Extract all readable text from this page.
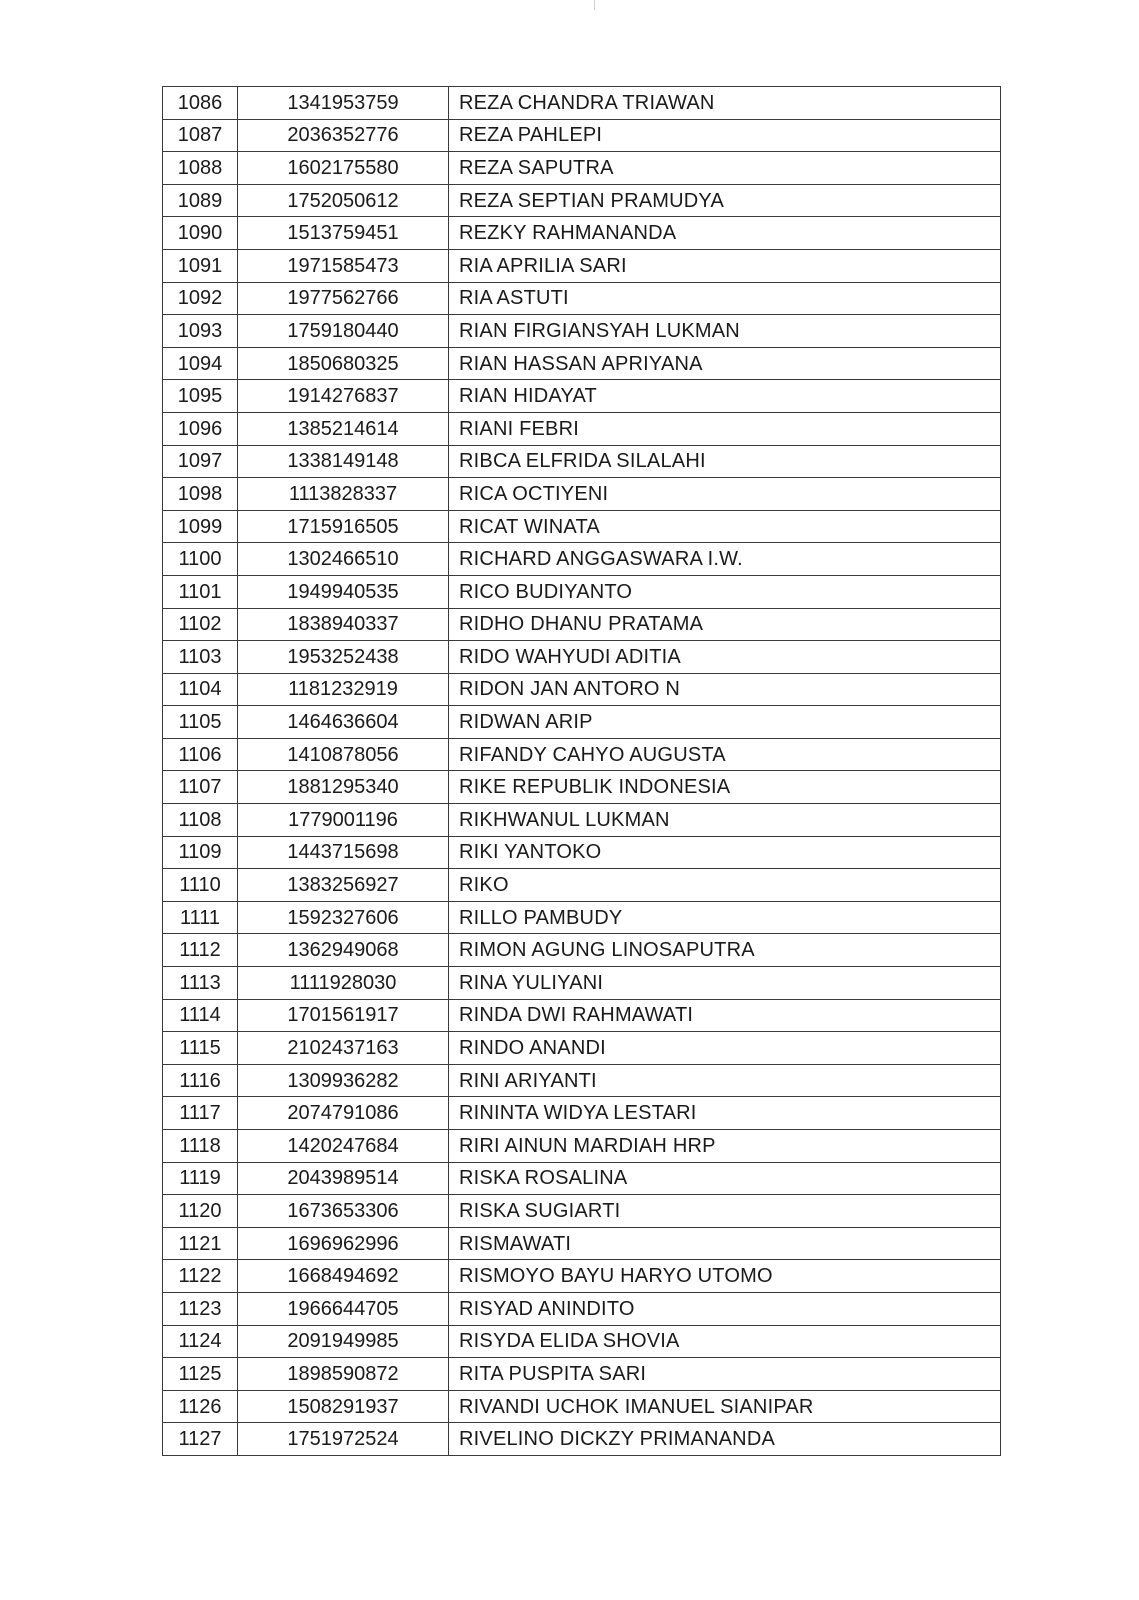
1086	1341953759	REZA CHANDRA TRIAWAN
1087	2036352776	REZA PAHLEPI
1088	1602175580	REZA SAPUTRA
1089	1752050612	REZA SEPTIAN PRAMUDYA
1090	1513759451	REZKY RAHMANANDA
1091	1971585473	RIA APRILIA SARI
1092	1977562766	RIA ASTUTI
1093	1759180440	RIAN FIRGIANSYAH LUKMAN
1094	1850680325	RIAN HASSAN APRIYANA
1095	1914276837	RIAN HIDAYAT
1096	1385214614	RIANI FEBRI
1097	1338149148	RIBCA ELFRIDA SILALAHI
1098	1113828337	RICA OCTIYENI
1099	1715916505	RICAT WINATA
1100	1302466510	RICHARD ANGGASWARA I.W.
1101	1949940535	RICO BUDIYANTO
1102	1838940337	RIDHO DHANU PRATAMA
1103	1953252438	RIDO WAHYUDI ADITIA
1104	1181232919	RIDON JAN ANTORO N
1105	1464636604	RIDWAN ARIP
1106	1410878056	RIFANDY CAHYO AUGUSTA
1107	1881295340	RIKE REPUBLIK INDONESIA
1108	1779001196	RIKHWANUL LUKMAN
1109	1443715698	RIKI YANTOKO
1110	1383256927	RIKO
1111	1592327606	RILLO PAMBUDY
1112	1362949068	RIMON AGUNG LINOSAPUTRA
1113	1111928030	RINA YULIYANI
1114	1701561917	RINDA DWI RAHMAWATI
1115	2102437163	RINDO ANANDI
1116	1309936282	RINI ARIYANTI
1117	2074791086	RININTA WIDYA LESTARI
1118	1420247684	RIRI AINUN MARDIAH HRP
1119	2043989514	RISKA ROSALINA
1120	1673653306	RISKA SUGIARTI
1121	1696962996	RISMAWATI
1122	1668494692	RISMOYO BAYU HARYO UTOMO
1123	1966644705	RISYAD ANINDITO
1124	2091949985	RISYDA ELIDA SHOVIA
1125	1898590872	RITA PUSPITA SARI
1126	1508291937	RIVANDI UCHOK IMANUEL SIANIPAR
1127	1751972524	RIVELINO DICKZY PRIMANANDA
